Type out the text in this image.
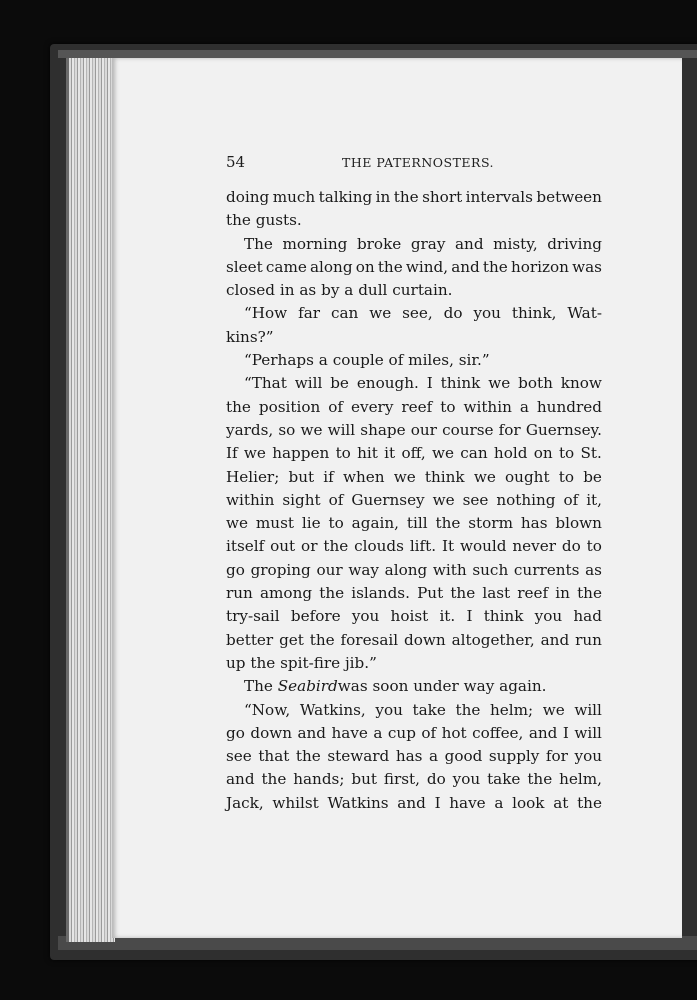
54	THE PATERNOSTERS.
doing much talking in the short intervals between
the gusts.
The morning broke gray and misty, driving
sleet came along on the wind, and the horizon was
closed in as by a dull curtain.
“How far can we see, do you think, Wat-
kins?”
“Perhaps a couple of miles, sir.”
“That will be enough. I think we both know
the position of every reef to within a hundred
yards, so we will shape our course for Guernsey.
If we happen to hit it off, we can hold on to St.
Helier; but if when we think we ought to be
within sight of Guernsey we see nothing of it,
we must lie to again, till the storm has blown
itself out or the clouds lift. It would never do to
go groping our way along with such currents as
run among the islands. Put the last reef in the
try-sail before you hoist it. I think you had
better get the foresail down altogether, and run
up the spit-fire jib.”
The Seabird was soon under way again.
“Now, Watkins, you take the helm; we will
go down and have a cup of hot coffee, and I will
see that the steward has a good supply for you
and the hands; but first, do you take the helm,
Jack, whilst Watkins and I have a look at the
